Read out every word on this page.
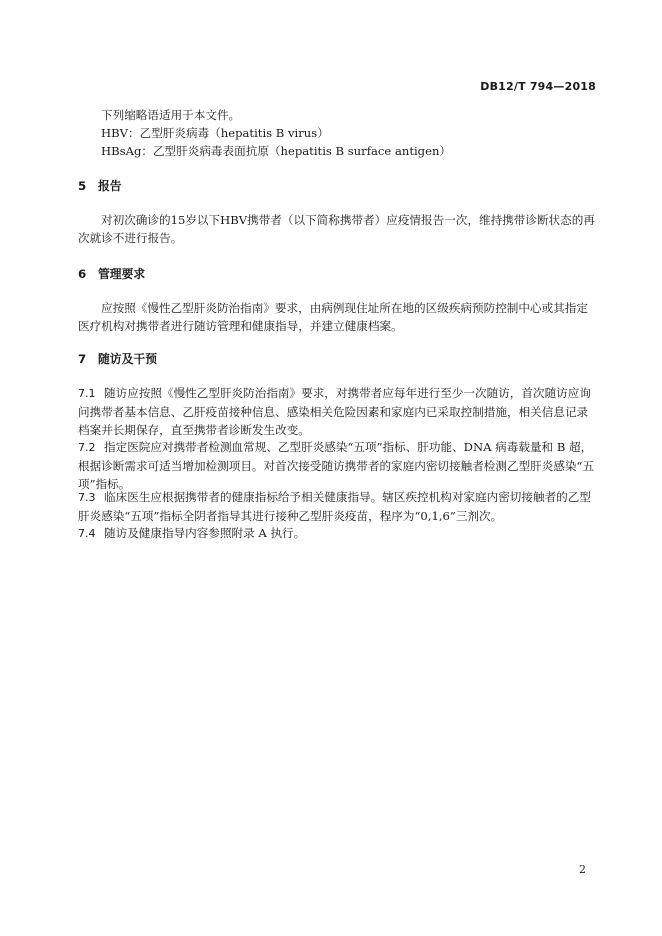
DB12/T 794—2018

下列缩略语适用于本文件。

HBV：乙型肝炎病毒（hepatitis B virus）

HBsAg：乙型肝炎病毒表面抗原（hepatitis B surface antigen）

5 报告

对初次确诊的15岁以下HBV携带者（以下简称携带者）应疫情报告一次，维持携带诊断状态的再次就诊不进行报告。

6 管理要求

应按照《慢性乙型肝炎防治指南》要求，由病例现住址所在地的区级疾病预防控制中心或其指定医疗机构对携带者进行随访管理和健康指导，并建立健康档案。

7 随访及干预

7.1 随访应按照《慢性乙型肝炎防治指南》要求，对携带者应每年进行至少一次随访，首次随访应询问携带者基本信息、乙肝疫苗接种信息、感染相关危险因素和家庭内已采取控制措施，相关信息记录档案并长期保存，直至携带者诊断发生改变。

7.2 指定医院应对携带者检测血常规、乙型肝炎感染“五项”指标、肝功能、DNA 病毒载量和 B 超，根据诊断需求可适当增加检测项目。对首次接受随访携带者的家庭内密切接触者检测乙型肝炎感染“五项”指标。

7.3 临床医生应根据携带者的健康指标给予相关健康指导。辖区疾控机构对家庭内密切接触者的乙型肝炎感染“五项”指标全阴者指导其进行接种乙型肝炎疫苗，程序为“0,1,6”三剂次。

7.4 随访及健康指导内容参照附录 A 执行。

2
